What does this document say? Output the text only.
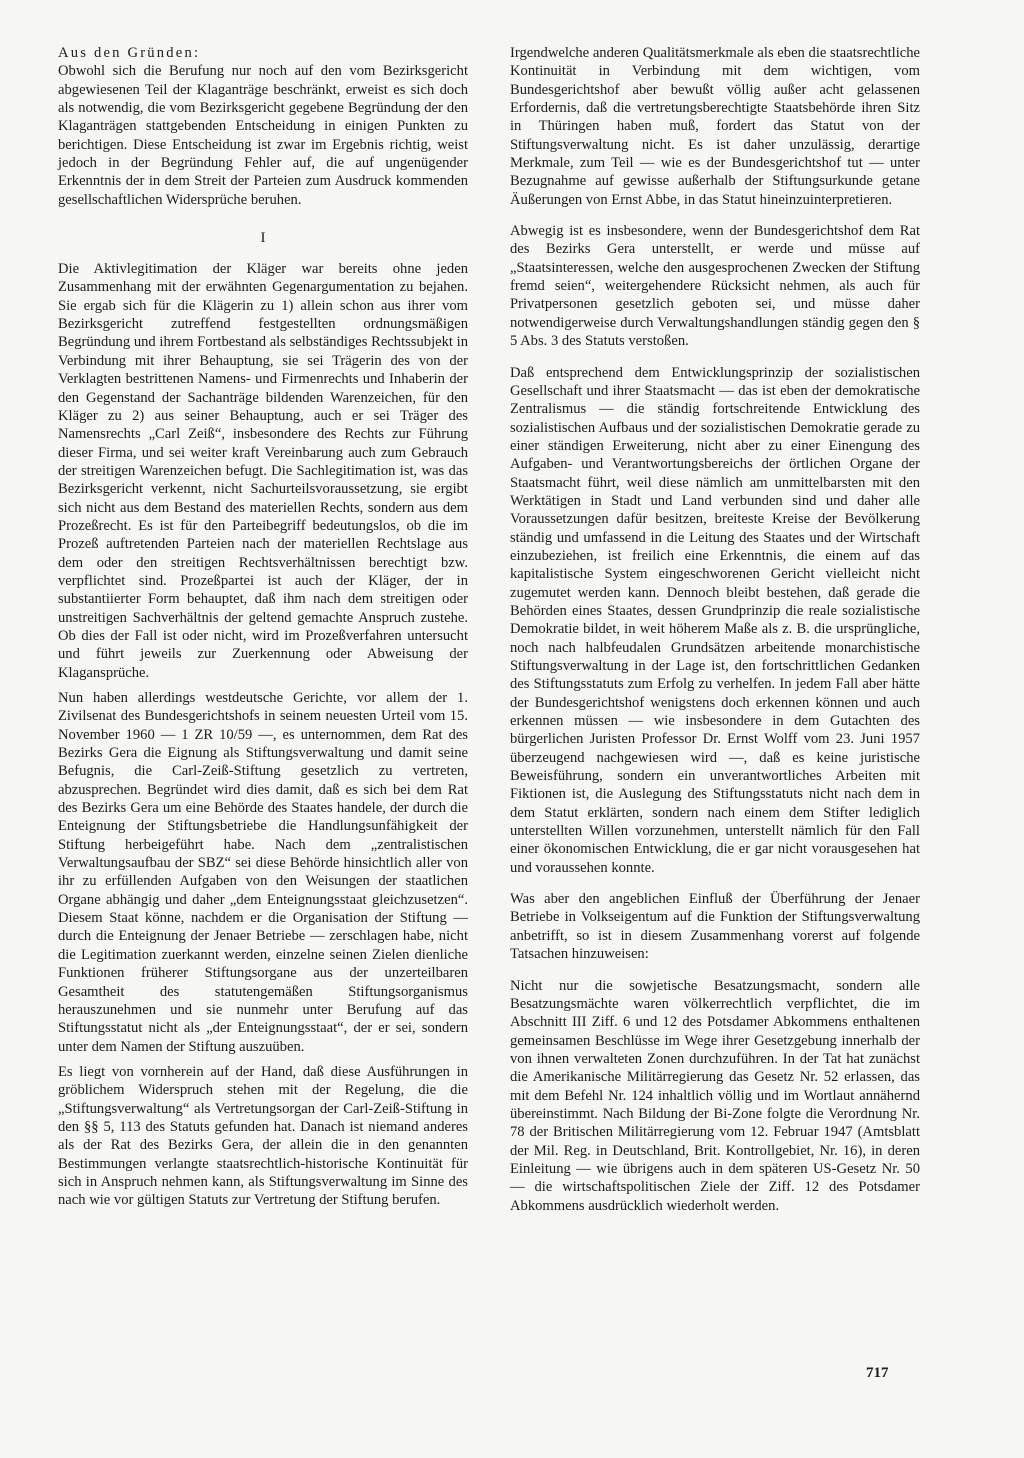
Aus den Gründen:

Obwohl sich die Berufung nur noch auf den vom Bezirksgericht abgewiesenen Teil der Klaganträge beschränkt, erweist es sich doch als notwendig, die vom Bezirksgericht gegebene Begründung der den Klaganträgen stattgebenden Entscheidung in einigen Punkten zu berichtigen. Diese Entscheidung ist zwar im Ergebnis richtig, weist jedoch in der Begründung Fehler auf, die auf ungenügender Erkenntnis der in dem Streit der Parteien zum Ausdruck kommenden gesellschaftlichen Widersprüche beruhen.

I

Die Aktivlegitimation der Kläger war bereits ohne jeden Zusammenhang mit der erwähnten Gegenargumentation zu bejahen. Sie ergab sich für die Klägerin zu 1) allein schon aus ihrer vom Bezirksgericht zutreffend festgestellten ordnungsmäßigen Begründung und ihrem Fortbestand als selbständiges Rechtssubjekt in Verbindung mit ihrer Behauptung, sie sei Trägerin des von der Verklagten bestrittenen Namens- und Firmenrechts und Inhaberin der den Gegenstand der Sachanträge bildenden Warenzeichen, für den Kläger zu 2) aus seiner Behauptung, auch er sei Träger des Namensrechts „Carl Zeiß“, insbesondere des Rechts zur Führung dieser Firma, und sei weiter kraft Vereinbarung auch zum Gebrauch der streitigen Warenzeichen befugt. Die Sachlegitimation ist, was das Bezirksgericht verkennt, nicht Sachurteilsvoraussetzung, sie ergibt sich nicht aus dem Bestand des materiellen Rechts, sondern aus dem Prozeßrecht. Es ist für den Parteibegriff bedeutungslos, ob die im Prozeß auftretenden Parteien nach der materiellen Rechtslage aus dem oder den streitigen Rechtsverhältnissen berechtigt bzw. verpflichtet sind. Prozeßpartei ist auch der Kläger, der in substantiierter Form behauptet, daß ihm nach dem streitigen oder unstreitigen Sachverhältnis der geltend gemachte Anspruch zustehe. Ob dies der Fall ist oder nicht, wird im Prozeßverfahren untersucht und führt jeweils zur Zuerkennung oder Abweisung der Klagansprüche.

Nun haben allerdings westdeutsche Gerichte, vor allem der 1. Zivilsenat des Bundesgerichtshofs in seinem neuesten Urteil vom 15. November 1960 — 1 ZR 10/59 —, es unternommen, dem Rat des Bezirks Gera die Eignung als Stiftungsverwaltung und damit seine Befugnis, die Carl-Zeiß-Stiftung gesetzlich zu vertreten, abzusprechen. Begründet wird dies damit, daß es sich bei dem Rat des Bezirks Gera um eine Behörde des Staates handele, der durch die Enteignung der Stiftungsbetriebe die Handlungsunfähigkeit der Stiftung herbeigeführt habe. Nach dem „zentralistischen Verwaltungsaufbau der SBZ“ sei diese Behörde hinsichtlich aller von ihr zu erfüllenden Aufgaben von den Weisungen der staatlichen Organe abhängig und daher „dem Enteignungsstaat gleichzusetzen“. Diesem Staat könne, nachdem er die Organisation der Stiftung — durch die Enteignung der Jenaer Betriebe — zerschlagen habe, nicht die Legitimation zuerkannt werden, einzelne seinen Zielen dienliche Funktionen früherer Stiftungsorgane aus der unzerteilbaren Gesamtheit des statutengemäßen Stiftungsorganismus herauszunehmen und sie nunmehr unter Berufung auf das Stiftungsstatut nicht als „der Enteignungsstaat“, der er sei, sondern unter dem Namen der Stiftung auszuüben.

Es liegt von vornherein auf der Hand, daß diese Ausführungen in gröblichem Widerspruch stehen mit der Regelung, die die „Stiftungsverwaltung“ als Vertretungsorgan der Carl-Zeiß-Stiftung in den §§ 5, 113 des Statuts gefunden hat. Danach ist niemand anderes als der Rat des Bezirks Gera, der allein die in den genannten Bestimmungen verlangte staatsrechtlich-historische Kontinuität für sich in Anspruch nehmen kann, als Stiftungsverwaltung im Sinne des nach wie vor gültigen Statuts zur Vertretung der Stiftung berufen.

Irgendwelche anderen Qualitätsmerkmale als eben die staatsrechtliche Kontinuität in Verbindung mit dem wichtigen, vom Bundesgerichtshof aber bewußt völlig außer acht gelassenen Erfordernis, daß die vertretungsberechtigte Staatsbehörde ihren Sitz in Thüringen haben muß, fordert das Statut von der Stiftungsverwaltung nicht. Es ist daher unzulässig, derartige Merkmale, zum Teil — wie es der Bundesgerichtshof tut — unter Bezugnahme auf gewisse außerhalb der Stiftungsurkunde getane Äußerungen von Ernst Abbe, in das Statut hineinzuinterpretieren.

Abwegig ist es insbesondere, wenn der Bundesgerichtshof dem Rat des Bezirks Gera unterstellt, er werde und müsse auf „Staatsinteressen, welche den ausgesprochenen Zwecken der Stiftung fremd seien“, weitergehendere Rücksicht nehmen, als auch für Privatpersonen gesetzlich geboten sei, und müsse daher notwendigerweise durch Verwaltungshandlungen ständig gegen den § 5 Abs. 3 des Statuts verstoßen.

Daß entsprechend dem Entwicklungsprinzip der sozialistischen Gesellschaft und ihrer Staatsmacht — das ist eben der demokratische Zentralismus — die ständig fortschreitende Entwicklung des sozialistischen Aufbaus und der sozialistischen Demokratie gerade zu einer ständigen Erweiterung, nicht aber zu einer Einengung des Aufgaben- und Verantwortungsbereichs der örtlichen Organe der Staatsmacht führt, weil diese nämlich am unmittelbarsten mit den Werktätigen in Stadt und Land verbunden sind und daher alle Voraussetzungen dafür besitzen, breiteste Kreise der Bevölkerung ständig und umfassend in die Leitung des Staates und der Wirtschaft einzubeziehen, ist freilich eine Erkenntnis, die einem auf das kapitalistische System eingeschworenen Gericht vielleicht nicht zugemutet werden kann. Dennoch bleibt bestehen, daß gerade die Behörden eines Staates, dessen Grundprinzip die reale sozialistische Demokratie bildet, in weit höherem Maße als z. B. die ursprüngliche, noch nach halbfeudalen Grundsätzen arbeitende monarchistische Stiftungsverwaltung in der Lage ist, den fortschrittlichen Gedanken des Stiftungsstatuts zum Erfolg zu verhelfen. In jedem Fall aber hätte der Bundesgerichtshof wenigstens doch erkennen können und auch erkennen müssen — wie insbesondere in dem Gutachten des bürgerlichen Juristen Professor Dr. Ernst Wolff vom 23. Juni 1957 überzeugend nachgewiesen wird —, daß es keine juristische Beweisführung, sondern ein unverantwortliches Arbeiten mit Fiktionen ist, die Auslegung des Stiftungsstatuts nicht nach dem in dem Statut erklärten, sondern nach einem dem Stifter lediglich unterstellten Willen vorzunehmen, unterstellt nämlich für den Fall einer ökonomischen Entwicklung, die er gar nicht vorausgesehen hat und voraussehen konnte.

Was aber den angeblichen Einfluß der Überführung der Jenaer Betriebe in Volkseigentum auf die Funktion der Stiftungsverwaltung anbetrifft, so ist in diesem Zusammenhang vorerst auf folgende Tatsachen hinzuweisen:

Nicht nur die sowjetische Besatzungsmacht, sondern alle Besatzungsmächte waren völkerrechtlich verpflichtet, die im Abschnitt III Ziff. 6 und 12 des Potsdamer Abkommens enthaltenen gemeinsamen Beschlüsse im Wege ihrer Gesetzgebung innerhalb der von ihnen verwalteten Zonen durchzuführen. In der Tat hat zunächst die Amerikanische Militärregierung das Gesetz Nr. 52 erlassen, das mit dem Befehl Nr. 124 inhaltlich völlig und im Wortlaut annähernd übereinstimmt. Nach Bildung der Bi-Zone folgte die Verordnung Nr. 78 der Britischen Militärregierung vom 12. Februar 1947 (Amtsblatt der Mil. Reg. in Deutschland, Brit. Kontrollgebiet, Nr. 16), in deren Einleitung — wie übrigens auch in dem späteren US-Gesetz Nr. 50 — die wirtschaftspolitischen Ziele der Ziff. 12 des Potsdamer Abkommens ausdrücklich wiederholt werden.

717
